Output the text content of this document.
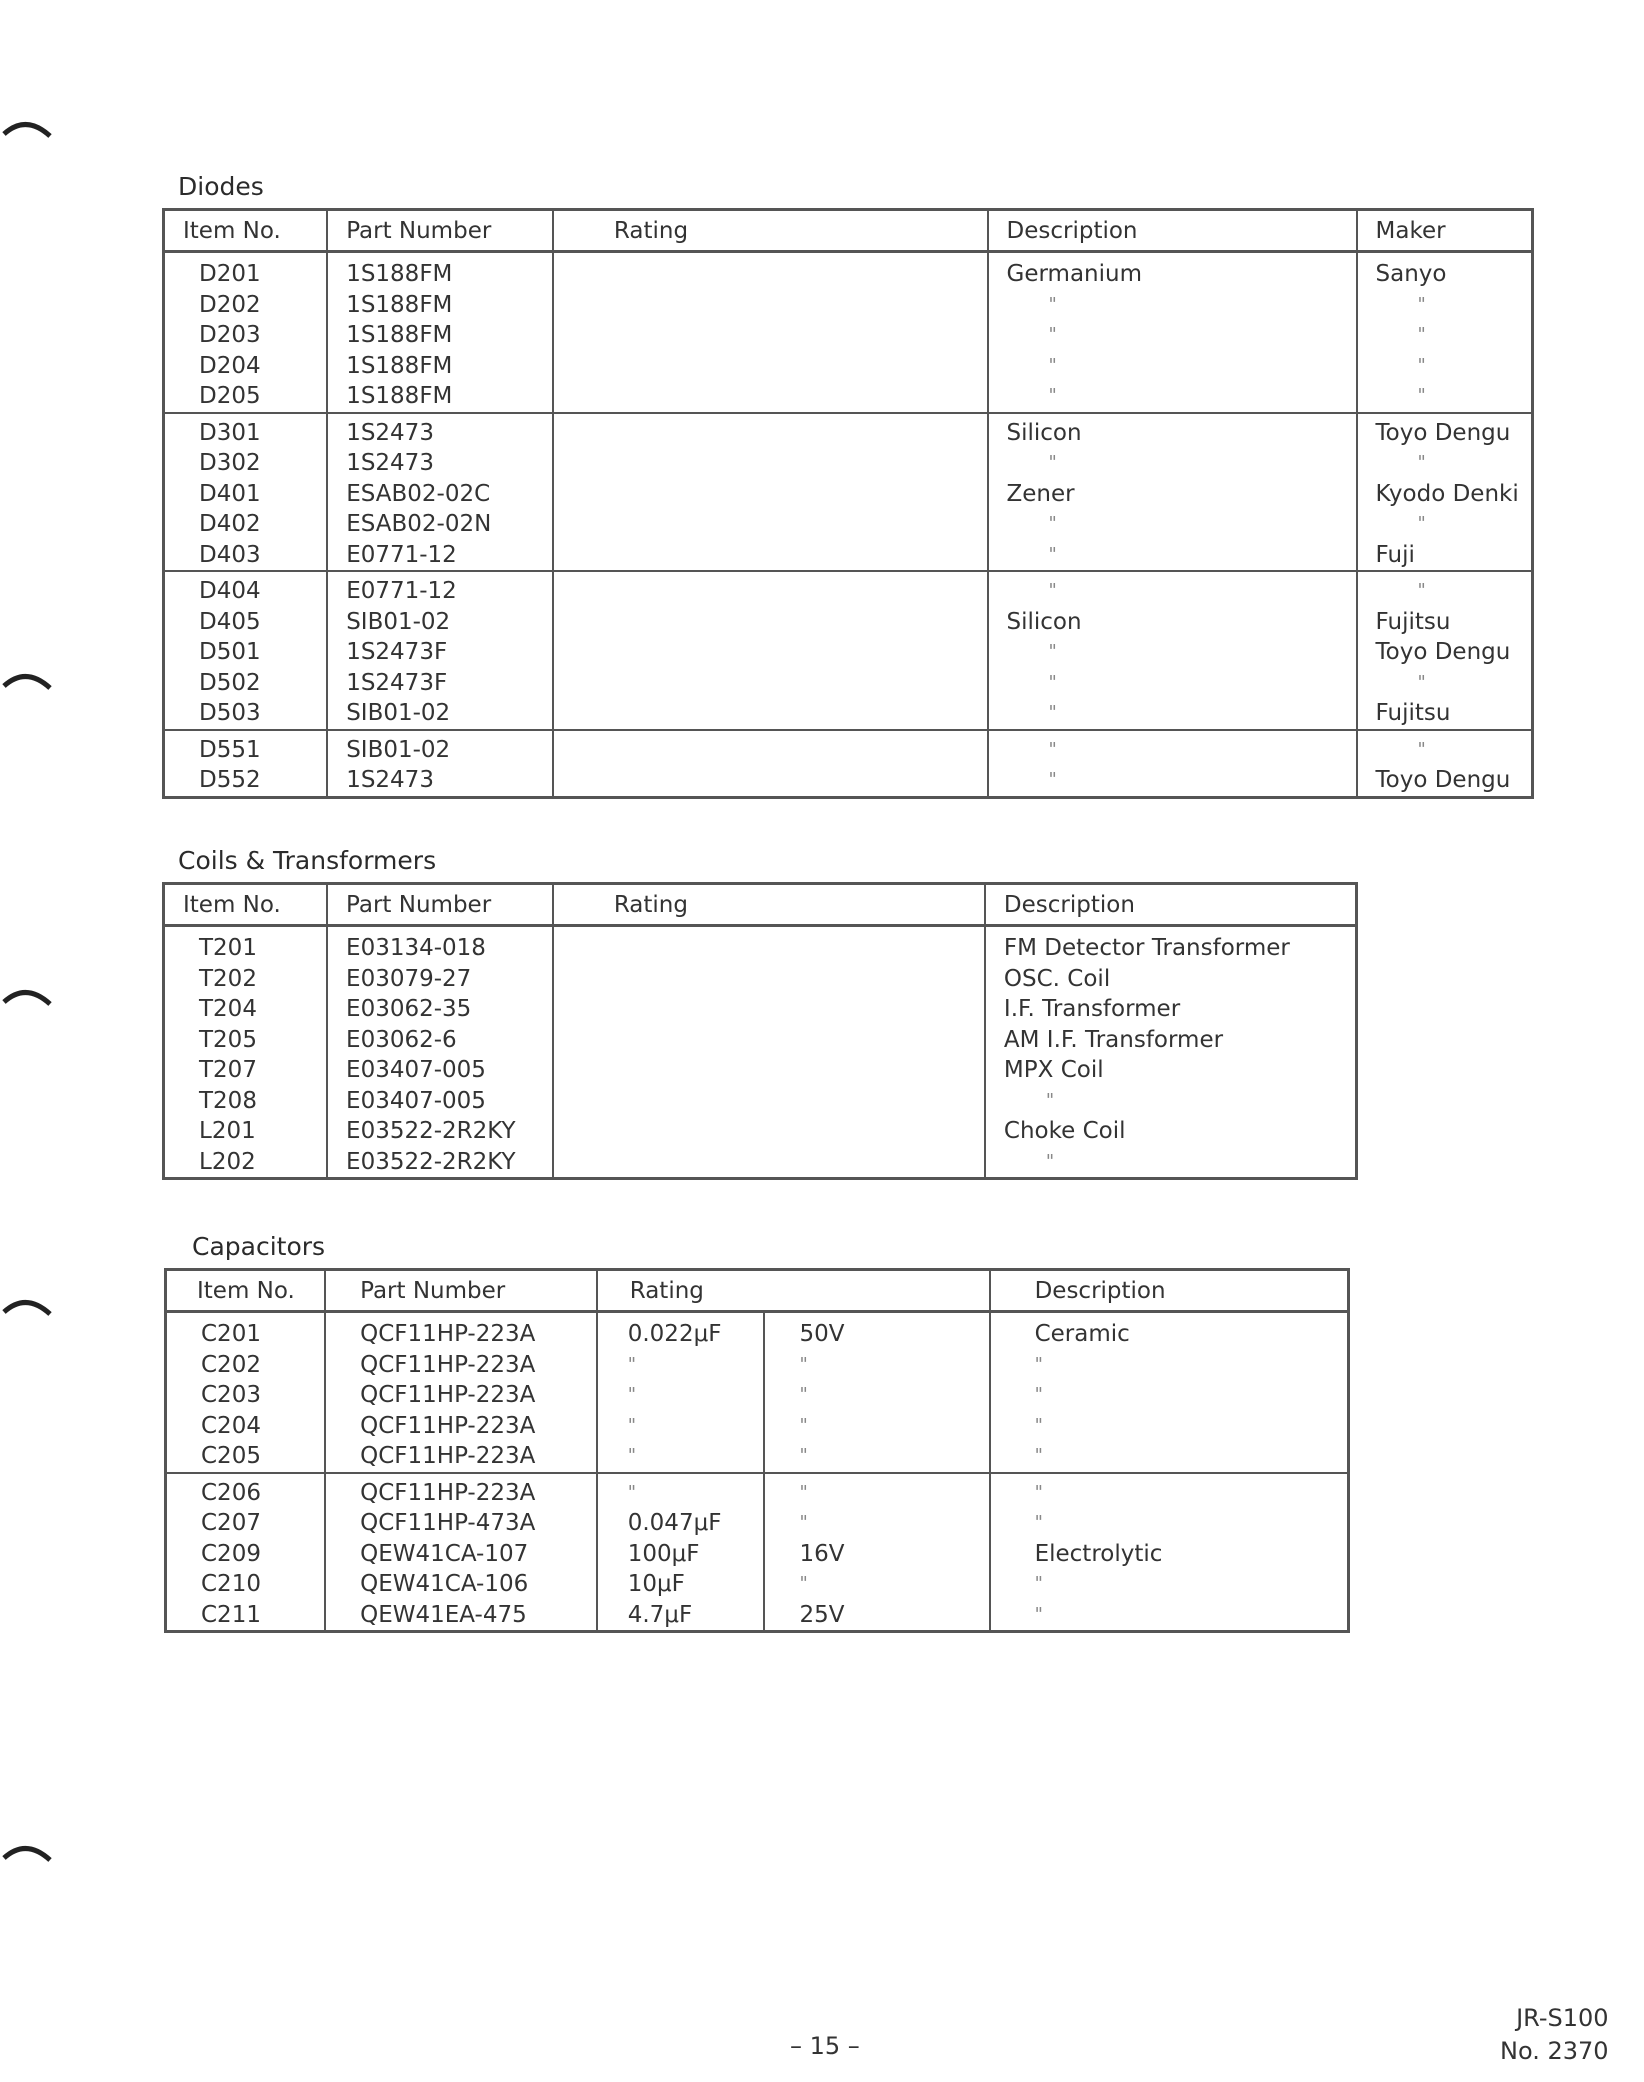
Diodes
Item No.	Part Number	Rating	Description	Maker
D201	1S188FM		Germanium	Sanyo
D202	1S188FM		"	"
D203	1S188FM		"	"
D204	1S188FM		"	"
D205	1S188FM		"	"
D301	1S2473		Silicon	Toyo Dengu
D302	1S2473		"	"
D401	ESAB02-02C		Zener	Kyodo Denki
D402	ESAB02-02N		"	"
D403	E0771-12		"	Fuji
D404	E0771-12		"	"
D405	SIB01-02		Silicon	Fujitsu
D501	1S2473F		"	Toyo Dengu
D502	1S2473F		"	"
D503	SIB01-02		"	Fujitsu
D551	SIB01-02		"	"
D552	1S2473		"	Toyo Dengu
Coils & Transformers
Item No.	Part Number	Rating	Description
T201	E03134-018		FM Detector Transformer
T202	E03079-27		OSC. Coil
T204	E03062-35		I.F. Transformer
T205	E03062-6		AM I.F. Transformer
T207	E03407-005		MPX Coil
T208	E03407-005		"
L201	E03522-2R2KY		Choke Coil
L202	E03522-2R2KY		"
Capacitors
Item No.	Part Number	Rating		Description
C201	QCF11HP-223A	0.022μF	50V	Ceramic
C202	QCF11HP-223A	"	"	"
C203	QCF11HP-223A	"	"	"
C204	QCF11HP-223A	"	"	"
C205	QCF11HP-223A	"	"	"
C206	QCF11HP-223A	"	"	"
C207	QCF11HP-473A	0.047μF	"	"
C209	QEW41CA-107	100μF	16V	Electrolytic
C210	QEW41CA-106	10μF	"	"
C211	QEW41EA-475	4.7μF	25V	"
– 15 –
JR-S100
No. 2370
